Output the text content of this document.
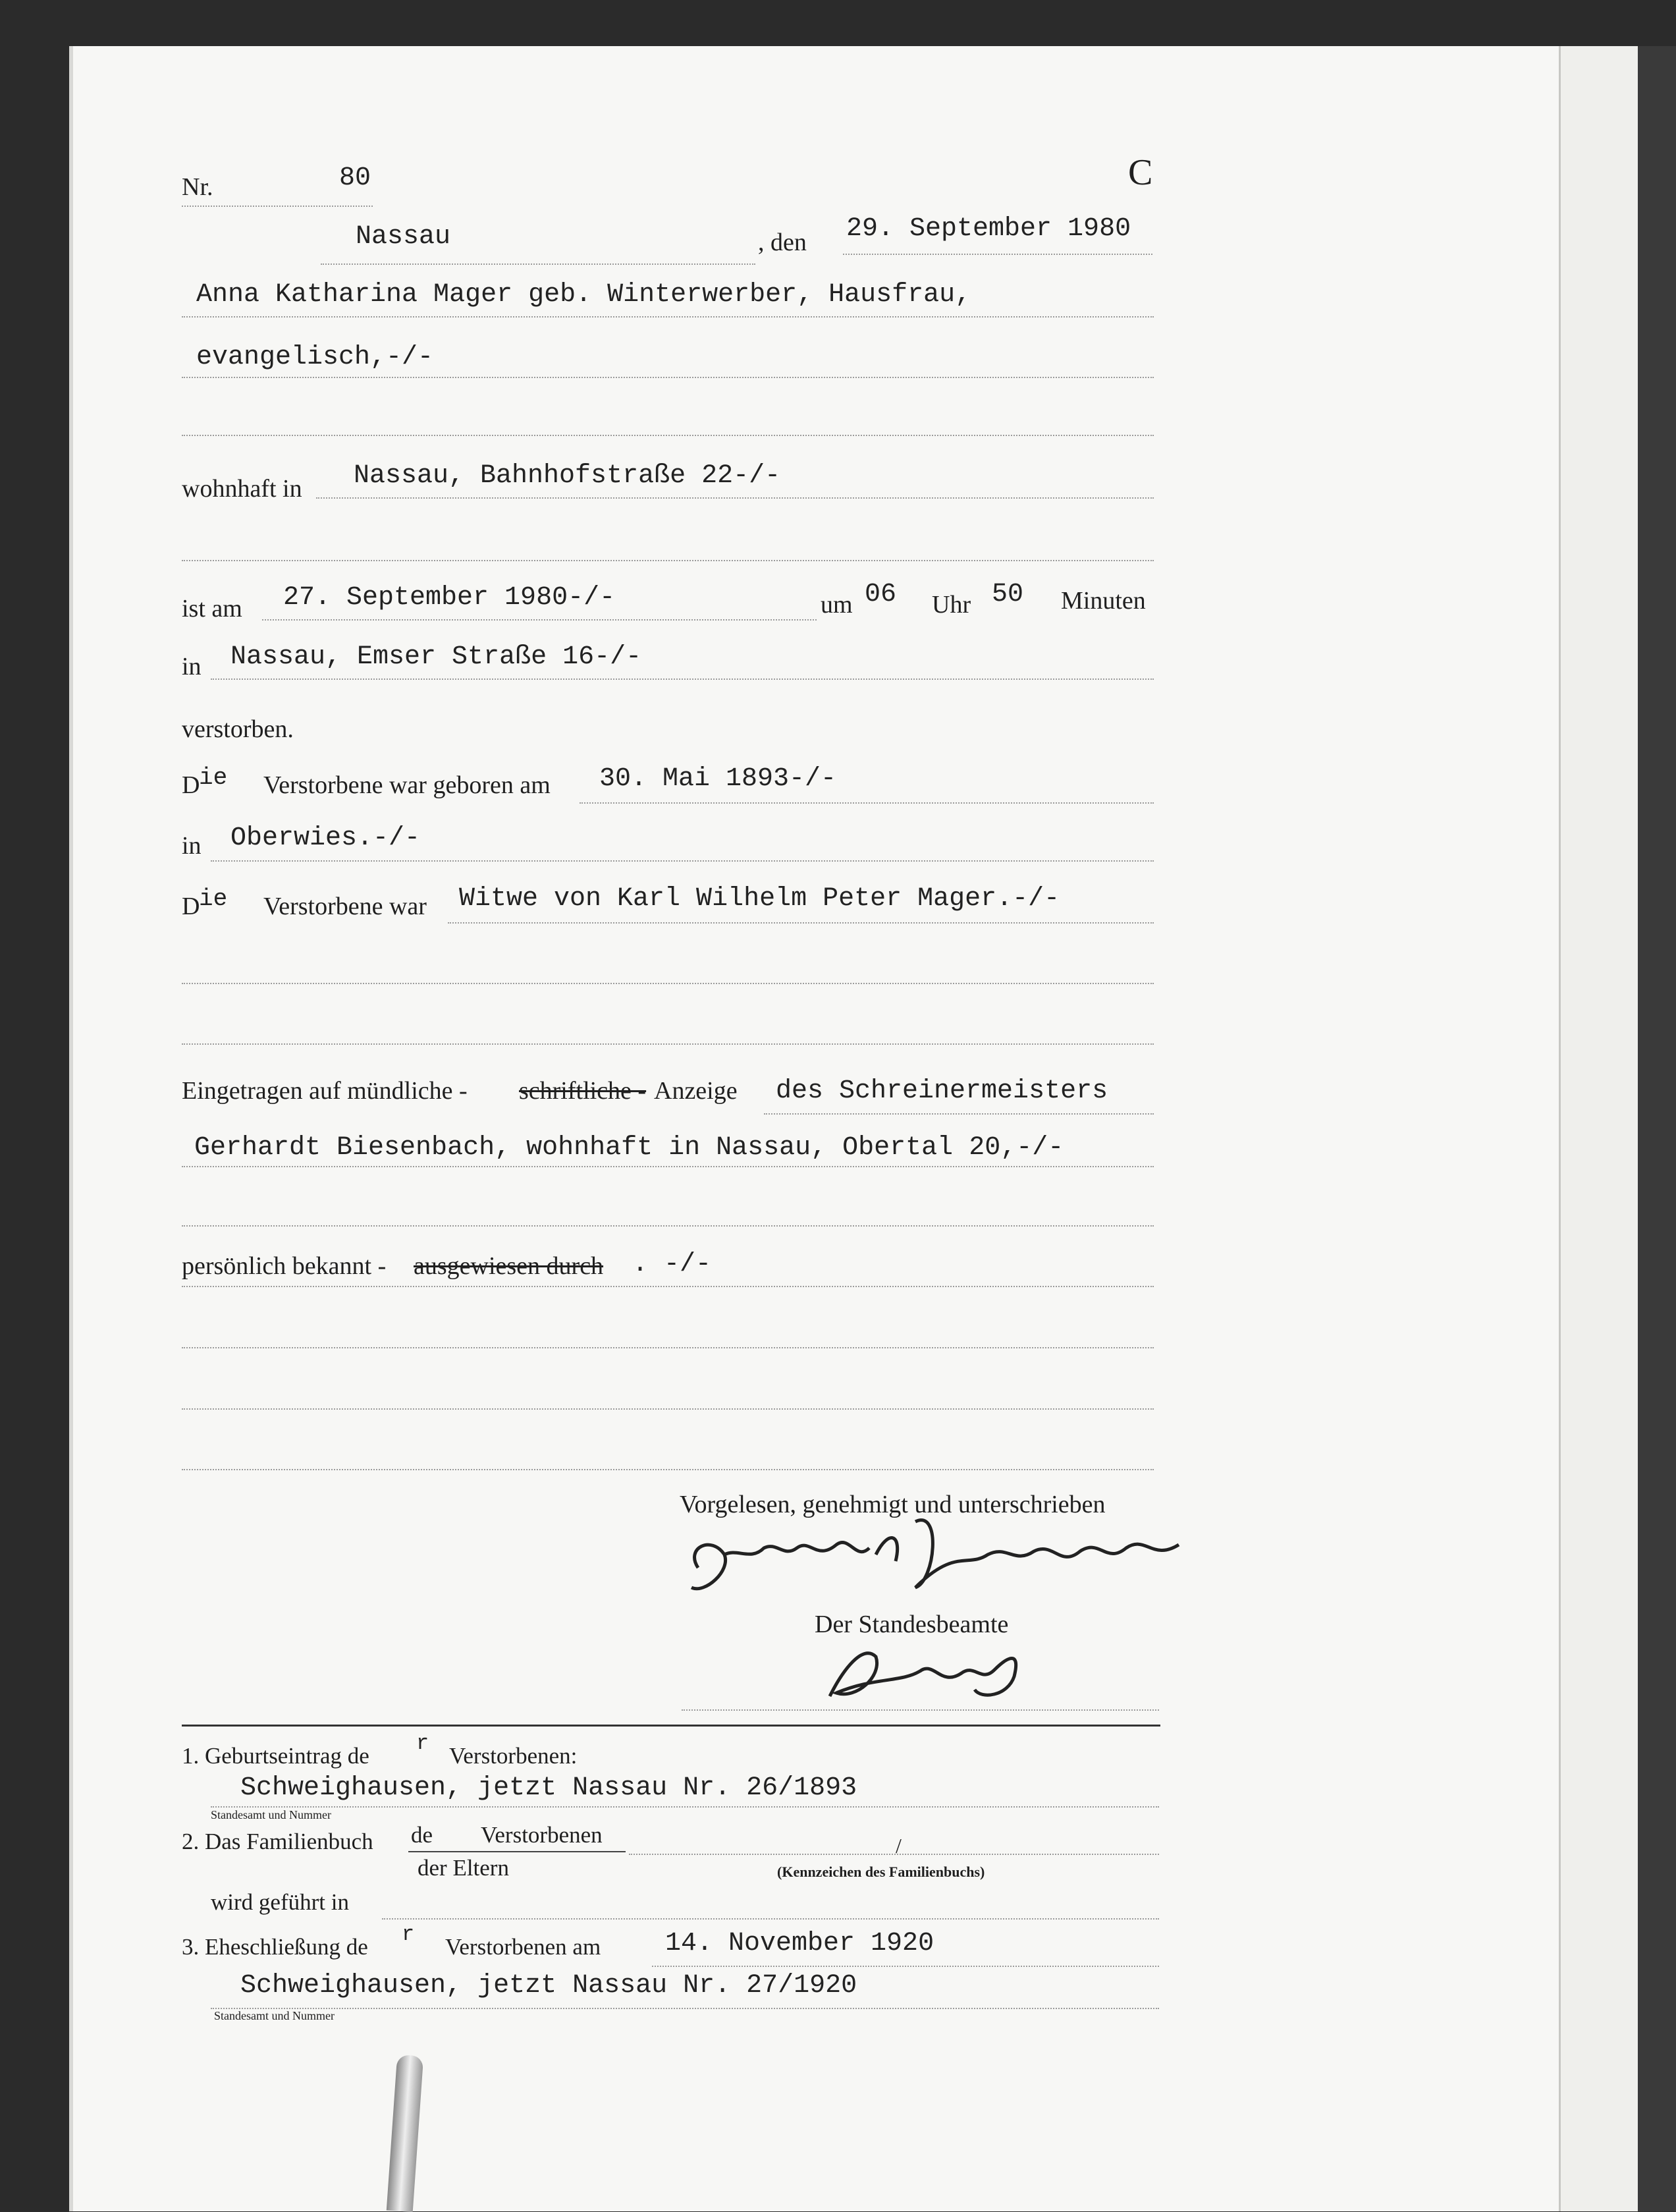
Nr.	80	C
Nassau	, den 29. September 1980
Anna Katharina Mager geb. Winterwerber, Hausfrau,
evangelisch,-/-
wohnhaft in Nassau, Bahnhofstraße 22-/-
ist am 27. September 1980-/-	um 06 Uhr 50 Minuten
in Nassau, Emser Straße 16-/-
verstorben.
D
ie Verstorbene war geboren am 30. Mai 1893-/-
in Oberwies.-/-
D
ie Verstorbene war Witwe von Karl Wilhelm Peter Mager.-/-
Eingetragen auf mündliche - schriftliche - Anzeige des Schreinermeisters
Gerhardt Biesenbach, wohnhaft in Nassau, Obertal 20,-/-
persönlich bekannt - ausgewiesen durch . -/-
Vorgelesen, genehmigt und unterschrieben
Der Standesbeamte
1. Geburtseintrag de r Verstorbenen:
Schweighausen, jetzt Nassau Nr. 26/1893
Standesamt und Nummer
2. Das Familienbuch de Verstorbenen
der Eltern
/
(Kennzeichen des Familienbuchs)
wird geführt in
3. Eheschließung de r Verstorbenen am 14. November 1920
Schweighausen, jetzt Nassau Nr. 27/1920
Standesamt und Nummer
